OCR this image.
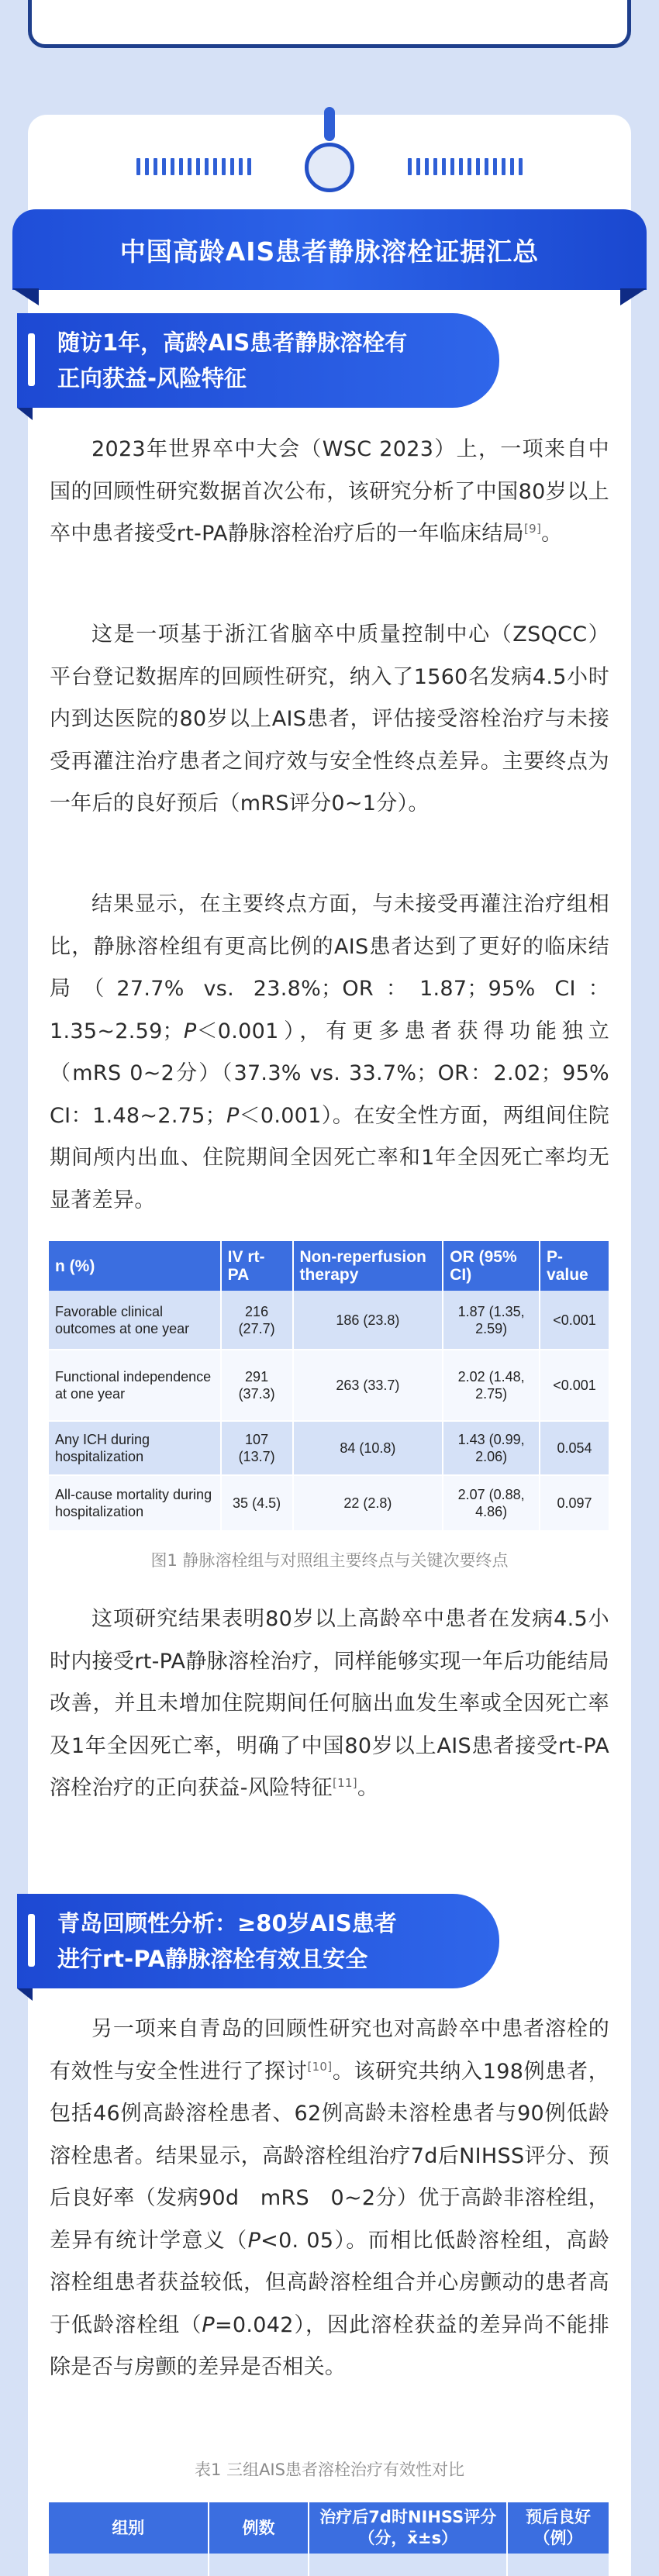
中国高龄AIS患者静脉溶栓证据汇总
随访1年，高龄AIS患者静脉溶栓有
正向获益-风险特征
2023年世界卒中大会（WSC 2023）上，一项来自中国的回顾性研究数据首次公布，该研究分析了中国80岁以上卒中患者接受rt-PA静脉溶栓治疗后的一年临床结局[9]。
这是一项基于浙江省脑卒中质量控制中心（ZSQCC）平台登记数据库的回顾性研究，纳入了1560名发病4.5小时内到达医院的80岁以上AIS患者，评估接受溶栓治疗与未接受再灌注治疗患者之间疗效与安全性终点差异。主要终点为一年后的良好预后（mRS评分0~1分）。
结果显示，在主要终点方面，与未接受再灌注治疗组相比，静脉溶栓组有更高比例的AIS患者达到了更好的临床结局（27.7% vs. 23.8%；OR：1.87；95% CI：1.35~2.59；P＜0.001），有更多患者获得功能独立（mRS 0~2分）（37.3% vs. 33.7%；OR：2.02；95%　CI：1.48~2.75；P＜0.001）。在安全性方面，两组间住院期间颅内出血、住院期间全因死亡率和1年全因死亡率均无显著差异。
n (%)	IV rt-PA	Non-reperfusion therapy	OR (95% CI)	P-value
Favorable clinical outcomes at one year	216 (27.7)	186 (23.8)	1.87 (1.35, 2.59)	<0.001
Functional independence at one year	291 (37.3)	263 (33.7)	2.02 (1.48, 2.75)	<0.001
Any ICH during hospitalization	107 (13.7)	84 (10.8)	1.43 (0.99, 2.06)	0.054
All-cause mortality during hospitalization	35 (4.5)	22 (2.8)	2.07 (0.88, 4.86)	0.097
图1 静脉溶栓组与对照组主要终点与关键次要终点
这项研究结果表明80岁以上高龄卒中患者在发病4.5小时内接受rt-PA静脉溶栓治疗，同样能够实现一年后功能结局改善，并且未增加住院期间任何脑出血发生率或全因死亡率及1年全因死亡率，明确了中国80岁以上AIS患者接受rt-PA溶栓治疗的正向获益-风险特征[11]。
青岛回顾性分析：≥80岁AIS患者
进行rt-PA静脉溶栓有效且安全
另一项来自青岛的回顾性研究也对高龄卒中患者溶栓的有效性与安全性进行了探讨[10]。该研究共纳入198例患者，包括46例高龄溶栓患者、62例高龄未溶栓患者与90例低龄溶栓患者。结果显示，高龄溶栓组治疗7d后NIHSS评分、预后良好率（发病90d　mRS　0~2分）优于高龄非溶栓组，差异有统计学意义（P<0. 05）。而相比低龄溶栓组，高龄溶栓组患者获益较低，但高龄溶栓组合并心房颤动的患者高于低龄溶栓组（P=0.042），因此溶栓获益的差异尚不能排除是否与房颤的差异是否相关。
表1 三组AIS患者溶栓治疗有效性对比
组别	例数	治疗后7d时NIHSS评分（分，x̄±s）	预后良好（例）
